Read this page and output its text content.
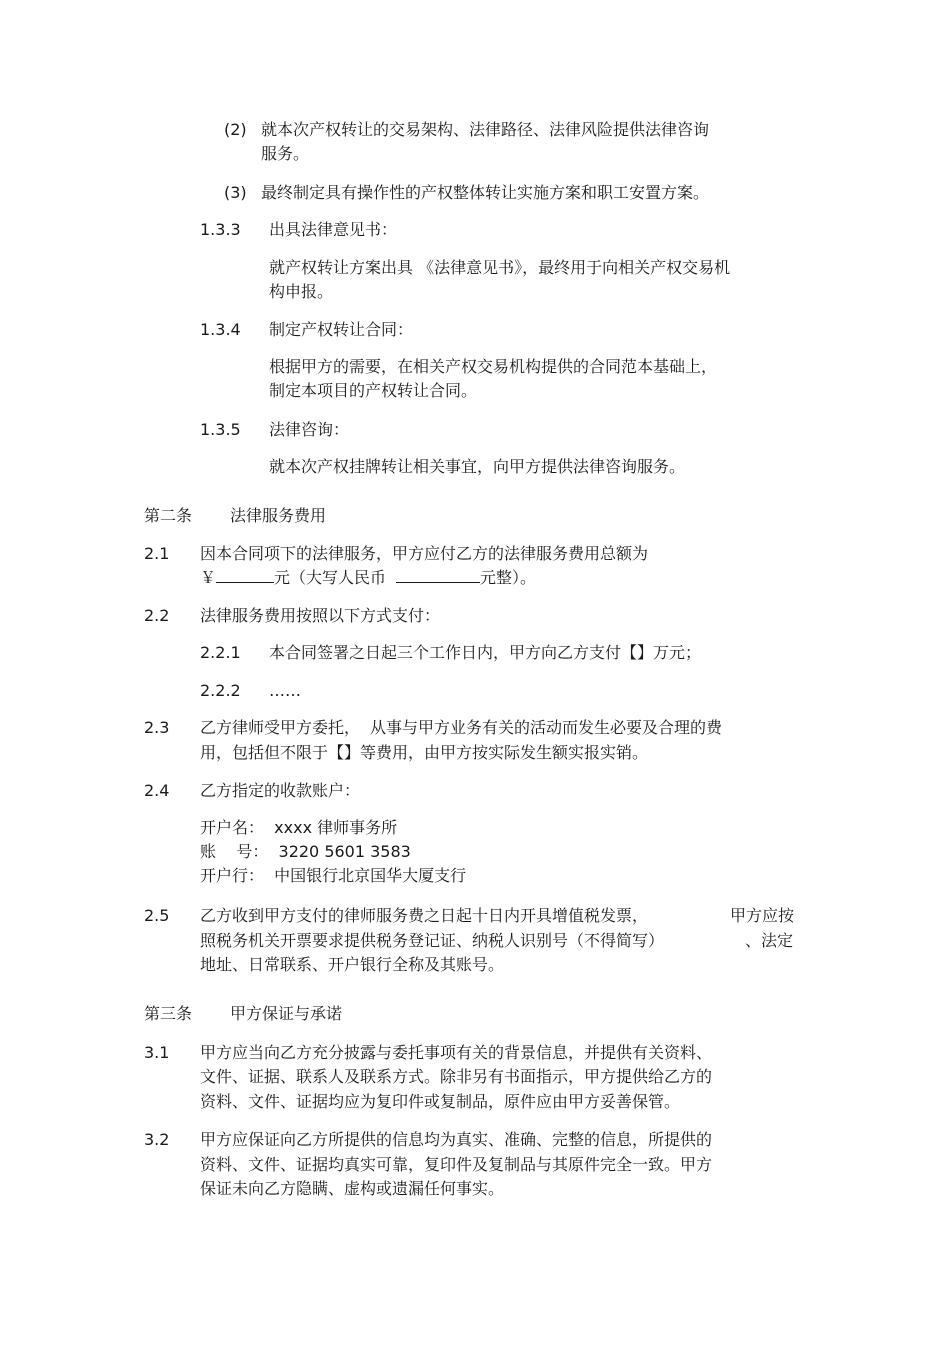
(2) 就本次产权转让的交易架构、法律路径、法律风险提供法律咨询
服务。
(3) 最终制定具有操作性的产权整体转让实施方案和职工安置方案。
1.3.3 出具法律意见书：
就产权转让方案出具 《法律意见书》，最终用于向相关产权交易机
构申报。
1.3.4 制定产权转让合同：
根据甲方的需要，在相关产权交易机构提供的合同范本基础上，
制定本项目的产权转让合同。
1.3.5 法律咨询：
就本次产权挂牌转让相关事宜，向甲方提供法律咨询服务。
第二条 法律服务费用
2.1 因本合同项下的法律服务，甲方应付乙方的法律服务费用总额为
￥	元（大写人民币	元整）。
2.2 法律服务费用按照以下方式支付：
2.2.1 本合同签署之日起三个工作日内，甲方向乙方支付【】万元；
2.2.2 ……
2.3 乙方律师受甲方委托， 从事与甲方业务有关的活动而发生必要及合理的费
用，包括但不限于【】等费用，由甲方按实际发生额实报实销。
2.4 乙方指定的收款账户：
开户名：  xxxx 律师事务所
账    号：  3220 5601 3583
开户行：  中国银行北京国华大厦支行
2.5 乙方收到甲方支付的律师服务费之日起十日内开具增值税发票，	甲方应按
照税务机关开票要求提供税务登记证、纳税人识别号（不得简写）	、法定
地址、日常联系、开户银行全称及其账号。
第三条 甲方保证与承诺
3.1 甲方应当向乙方充分披露与委托事项有关的背景信息，并提供有关资料、
文件、证据、联系人及联系方式。除非另有书面指示，甲方提供给乙方的
资料、文件、证据均应为复印件或复制品，原件应由甲方妥善保管。
3.2 甲方应保证向乙方所提供的信息均为真实、准确、完整的信息，所提供的
资料、文件、证据均真实可靠，复印件及复制品与其原件完全一致。甲方
保证未向乙方隐瞒、虚构或遗漏任何事实。
